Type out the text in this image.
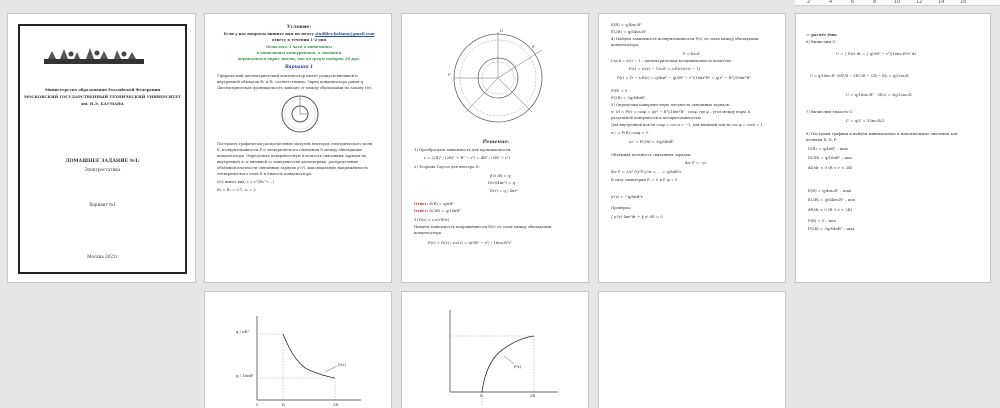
2	4	6	8	10	12	14	16
Министерство образования Российской Федерации
МОСКОВСКИЙ ГОСУДАРСТВЕННЫЙ ТЕХНИЧЕСКИЙ УНИВЕРСИТЕТ
им. Н.Э. БАУМАНА
ДОМАШНЕЕ ЗАДАНИЕ №1:
Электростатика
Вариант №1
Москва 2021г
Условие:
Если у вас вопросы пишите нам на почту studfiles.balmon@gmail.com
ответу в течении 1-2 дня
Осталось 3 часа в автоматы
в автоматы конкурентов, а занятия
обращаться через месяц, мы получим подарок 20 руб.
Вариант 1
Сферический диэлектрический конденсатор имеет радиусы внешней и
внутренней обкладок R₂ и R₁ соответственно. Заряд конденсатора равен q.
Диэлектрическая проницаемость зависит от между обкладками по закону ε(r).
Построить графически распределение модулей векторов электрического поля
E, поляризованности P и электрического смещения D между обкладками
конденсатора. Определить поверхностную плотность связанных зарядов на
внутренней σ₁ и внешней σ₂ поверхностях диэлектрика, распределение
объёмной плотности связанных зарядов ρ'(r), максимальную напряжённость
электрического поля E и ёмкость конденсатора.
ε(r) имеет вид: ε = r²/(R₁²+...)
R₂ = R₁ = 2·1, ε₀ = 2
E
P
D
Решение:
1) Преобразуем зависимость для проницаемости:
ε = (2R)² / (2R)² + R² − r²) = 4R² / (5R² − r²)
2) Теорема Гаусса для вектора D:
∮ D dS = q
D(r)(4πr²) = q
D(r) = q / 4πr²
Ответ: D(R) = q/πR²
Ответ: D(2R) = q/16πR²
3) D(r) = ε₀ε(r)E(r)
Найдём зависимость напряжённости E(r) э/с поля между обкладками
конденсатора:
E(r) = D(r) / ε₀ε(r) = q(5R² − r²) / 16πε₀R²r²
E(R) = q/4πε₀R²
E(2R) = q/64πε₀R²
4) Найдём зависимость поляризованности P(r) э/с поля между обкладками
конденсатора:
P = kε₀E
Где k = ε(r) − 1 – диэлектрическая восприимчивость вещества
P(r) = (ε(r) − 1)ε₀E = ε₀E(r)(ε(r) − 1)
P(r) = D − ε₀E(r) = q/4πr² − q(5R² − r²)/16πr²R² = q(r² − R²)/16πr²R²
P(R) = 0
P(2R) = 3q/64πR²
5) Определим поверхностную плотность связанных зарядов:
σ' (r) = P(r) = cosφ = q(r² − R²)/16πr²R² · cosφ, где φ – угол между норм. к
раздельной поверхности и поляризованностью
Для внутренней пов-ти cosφ = cos π = −1, для внешней пов-ти cos φ = cos0 = 1
σ₁' = P(R)·cosφ = 0
σ₂' = P(2R) = 3q/64πR²
Объёмная плотность связанных зарядов:
div P = −ρ'
div P = 1/r² ∂(r²Pᵣ)/∂r = ... = q/8πR²r
В силу симметрии Pᵣ = 0 и P_φ = 0
ρ'(r) = −q/8πR²r
Проверка:
∫ ρ'(r) 4πr²dr + ∮ σ' dS = 0
∘∘ расчёт ёмк:
6) Вычислим U:
U = ∫ E(r) dr = ∫ q(5R² − r²)/16πε₀R²r² dr
U = q/16πε₀R² (5R²/R − 5R²/2R − (2R − R)) = q/32πε₀R
U = q/16πε₀R² · 3R/2 = 3q/32πε₀R
7) Вычислим ёмкость C:
C = q/U = 32πε₀R/3
8) Построим графики и найдём минимальные и максимальные значения для
величин E, D, P:
D(R) = q/4πR² – max
D(2R) = q/16πR² – min
dD/dr < 0 (R < r < 2R)
E(R) = q/4πε₀R² – max
E(2R) = q/64πε₀R² – min
dE/dr < 0 (R < r < 2R)
P(R) = 0 – min
P(2R) = 3q/64πR² – max
q / πR²
q / 16πR²
D(r)
0	R	2R
P(r)
R	2R
